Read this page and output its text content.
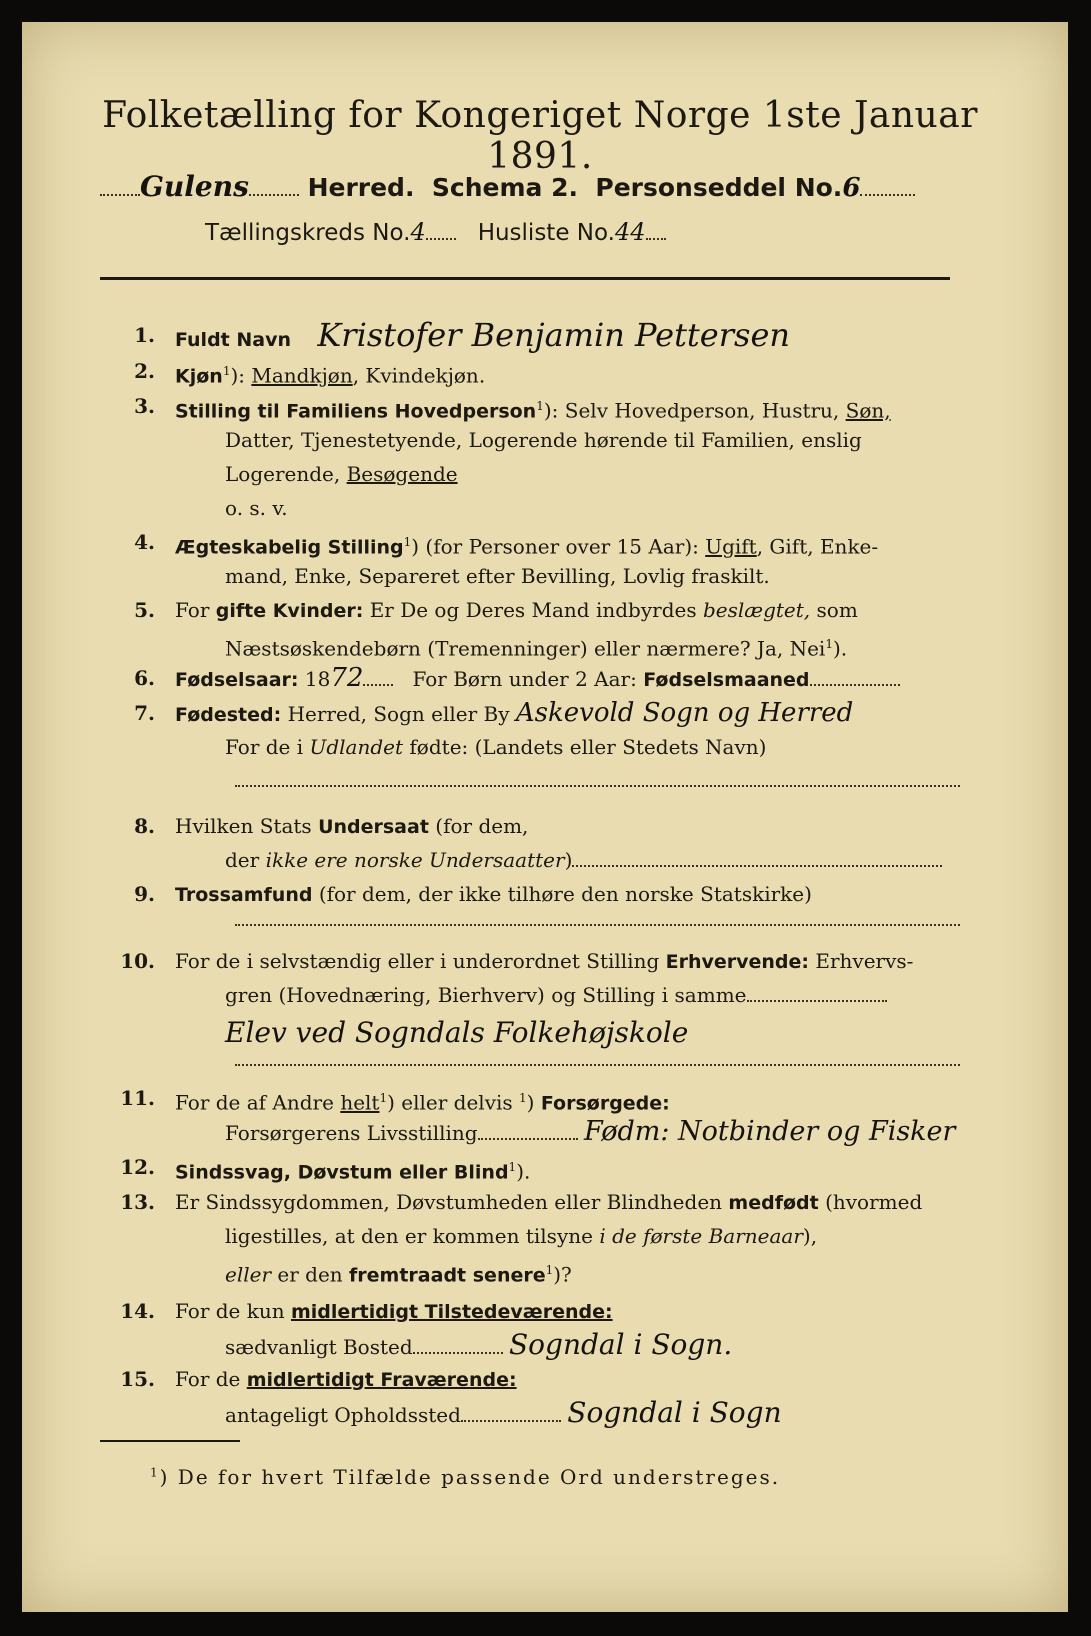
Folketælling for Kongeriget Norge 1ste Januar 1891.
Gulens Herred. Schema 2. Personseddel No.6
Tællingskreds No.4 Husliste No.44
1. Fuldt Navn Kristofer Benjamin Pettersen
2. Kjøn$^1$): Mandkjøn, Kvindekjøn.
3. Stilling til Familiens Hovedperson$^1$): Selv Hovedperson, Hustru, Søn,
Datter, Tjenestetyende, Logerende hørende til Familien, enslig
Logerende, Besøgende
o. s. v.
4. Ægteskabelig Stilling$^1$) (for Personer over 15 Aar): Ugift, Gift, Enke-
mand, Enke, Separeret efter Bevilling, Lovlig fraskilt.
5. For gifte Kvinder: Er De og Deres Mand indbyrdes beslægtet, som
Næstsøskendebørn (Tremenninger) eller nærmere? Ja, Nei$^1$).
6. Fødselsaar: 1872 For Børn under 2 Aar: Fødselsmaaned
7. Fødested: Herred, Sogn eller By Askevold Sogn og Herred
For de i Udlandet fødte: (Landets eller Stedets Navn)
8. Hvilken Stats Undersaat (for dem,
der ikke ere norske Undersaatter)
9. Trossamfund (for dem, der ikke tilhøre den norske Statskirke)
10. For de i selvstændig eller i underordnet Stilling Erhvervende: Erhvervs-
gren (Hovednæring, Bierhverv) og Stilling i samme
Elev ved Sogndals Folkehøjskole
11. For de af Andre helt$^1$) eller delvis $^1$) Forsørgede:
Forsørgerens Livsstilling	Fødm: Notbinder og Fisker
12. Sindssvag, Døvstum eller Blind$^1$).
13. Er Sindssygdommen, Døvstumheden eller Blindheden medfødt (hvormed
ligestilles, at den er kommen tilsyne i de første Barneaar),
eller er den fremtraadt senere$^1$)?
14. For de kun midlertidigt Tilstedeværende:
sædvanligt Bosted	Sogndal i Sogn.
15. For de midlertidigt Fraværende:
antageligt Opholdssted	Sogndal i Sogn
$^1$) De for hvert Tilfælde passende Ord understreges.
